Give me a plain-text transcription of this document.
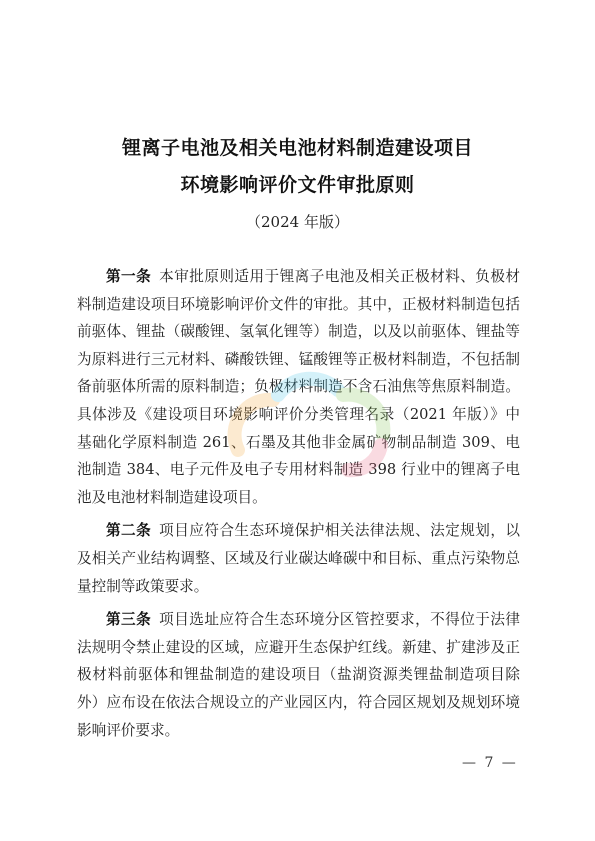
锂离子电池及相关电池材料制造建设项目
环境影响评价文件审批原则
（2024 年版）

第一条 本审批原则适用于锂离子电池及相关正极材料、负极材料制造建设项目环境影响评价文件的审批。其中，正极材料制造包括前驱体、锂盐（碳酸锂、氢氧化锂等）制造，以及以前驱体、锂盐等为原料进行三元材料、磷酸铁锂、锰酸锂等正极材料制造，不包括制备前驱体所需的原料制造；负极材料制造不含石油焦等焦原料制造。具体涉及《建设项目环境影响评价分类管理名录（2021 年版）》中基础化学原料制造 261、石墨及其他非金属矿物制品制造 309、电池制造 384、电子元件及电子专用材料制造 398 行业中的锂离子电池及电池材料制造建设项目。

第二条 项目应符合生态环境保护相关法律法规、法定规划，以及相关产业结构调整、区域及行业碳达峰碳中和目标、重点污染物总量控制等政策要求。

第三条 项目选址应符合生态环境分区管控要求，不得位于法律法规明令禁止建设的区域，应避开生态保护红线。新建、扩建涉及正极材料前驱体和锂盐制造的建设项目（盐湖资源类锂盐制造项目除外）应布设在依法合规设立的产业园区内，符合园区规划及规划环境影响评价要求。

— 7 —
